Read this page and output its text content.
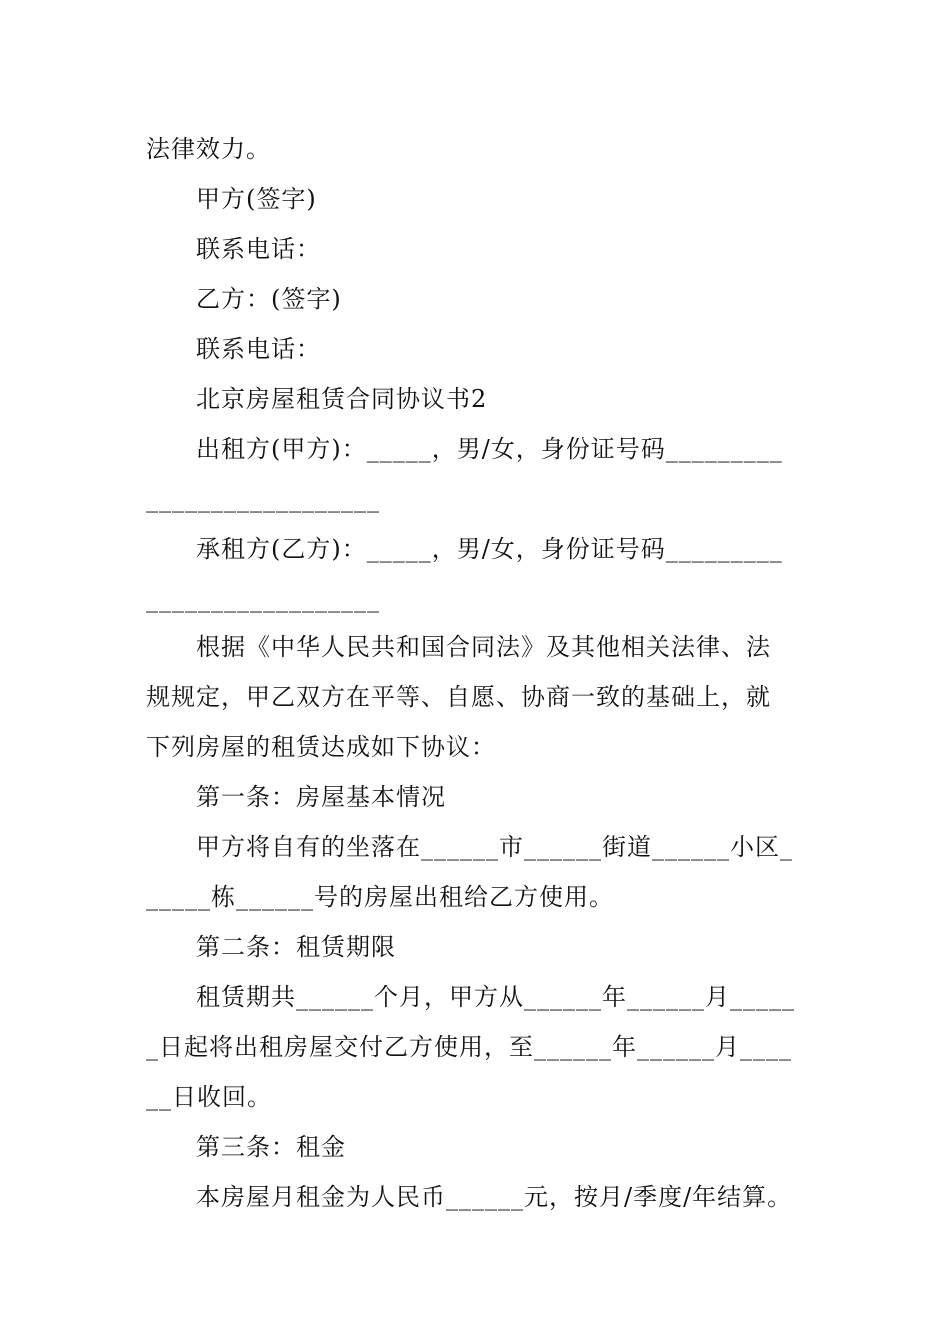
法律效力。
甲方(签字)
联系电话：
乙方：(签字)
联系电话：
北京房屋租赁合同协议书2
出租方(甲方)：_____，男/女，身份证号码_________
__________________
承租方(乙方)：_____，男/女，身份证号码_________
__________________
根据《中华人民共和国合同法》及其他相关法律、法
规规定，甲乙双方在平等、自愿、协商一致的基础上，就
下列房屋的租赁达成如下协议：
第一条：房屋基本情况
甲方将自有的坐落在______市______街道______小区_
_____栋______号的房屋出租给乙方使用。
第二条：租赁期限
租赁期共______个月，甲方从______年______月_____
_日起将出租房屋交付乙方使用，至______年______月____
__日收回。
第三条：租金
本房屋月租金为人民币______元，按月/季度/年结算。
